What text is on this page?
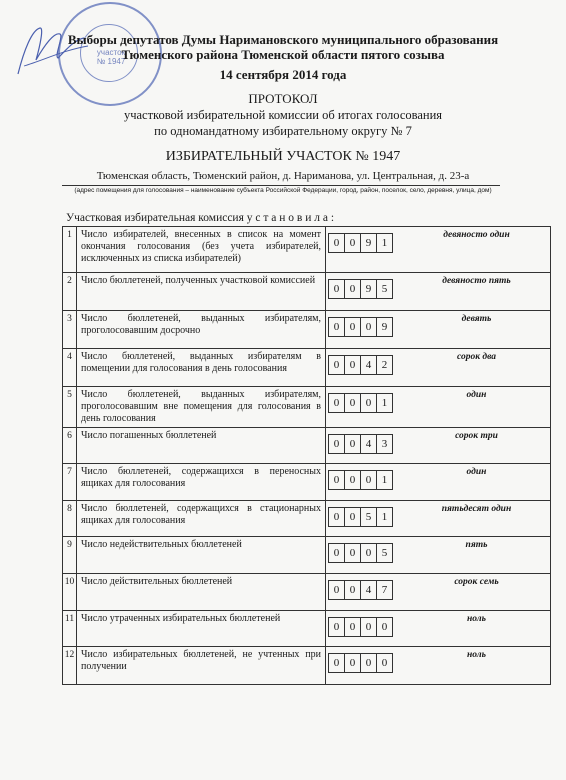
участок
№ 1947
Выборы депутатов Думы Наримановского муниципального образования
Тюменского района Тюменской области пятого созыва
14 сентября 2014 года
ПРОТОКОЛ
участковой избирательной комиссии об итогах голосования
по одномандатному избирательному округу № 7
ИЗБИРАТЕЛЬНЫЙ УЧАСТОК № 1947
Тюменская область, Тюменский район, д. Нариманова, ул. Центральная, д. 23-а
(адрес помещения для голосования – наименование субъекта Российской Федерации, город, район, поселок, село, деревня, улица, дом)
Участковая избирательная комиссия у с т а н о в и л а :
1	Число избирателей, внесенных в список на момент окончания голосования (без учета избирателей, исключенных из списка избирателей)	0 0 9 1	девяносто один
2	Число бюллетеней, полученных участковой комиссией	0 0 9 5	девяносто пять
3	Число бюллетеней, выданных избирателям, проголосовавшим досрочно	0 0 0 9	девять
4	Число бюллетеней, выданных избирателям в помещении для голосования в день голосования	0 0 4 2	сорок два
5	Число бюллетеней, выданных избирателям, проголосовавшим вне помещения для голосования в день голосования	0 0 0 1	один
6	Число погашенных бюллетеней	0 0 4 3	сорок три
7	Число бюллетеней, содержащихся в переносных ящиках для голосования	0 0 0 1	один
8	Число бюллетеней, содержащихся в стационарных ящиках для голосования	0 0 5 1	пятьдесят один
9	Число недействительных бюллетеней	0 0 0 5	пять
10	Число действительных бюллетеней	0 0 4 7	сорок семь
11	Число утраченных избирательных бюллетеней	0 0 0 0	ноль
12	Число избирательных бюллетеней, не учтенных при получении	0 0 0 0	ноль
